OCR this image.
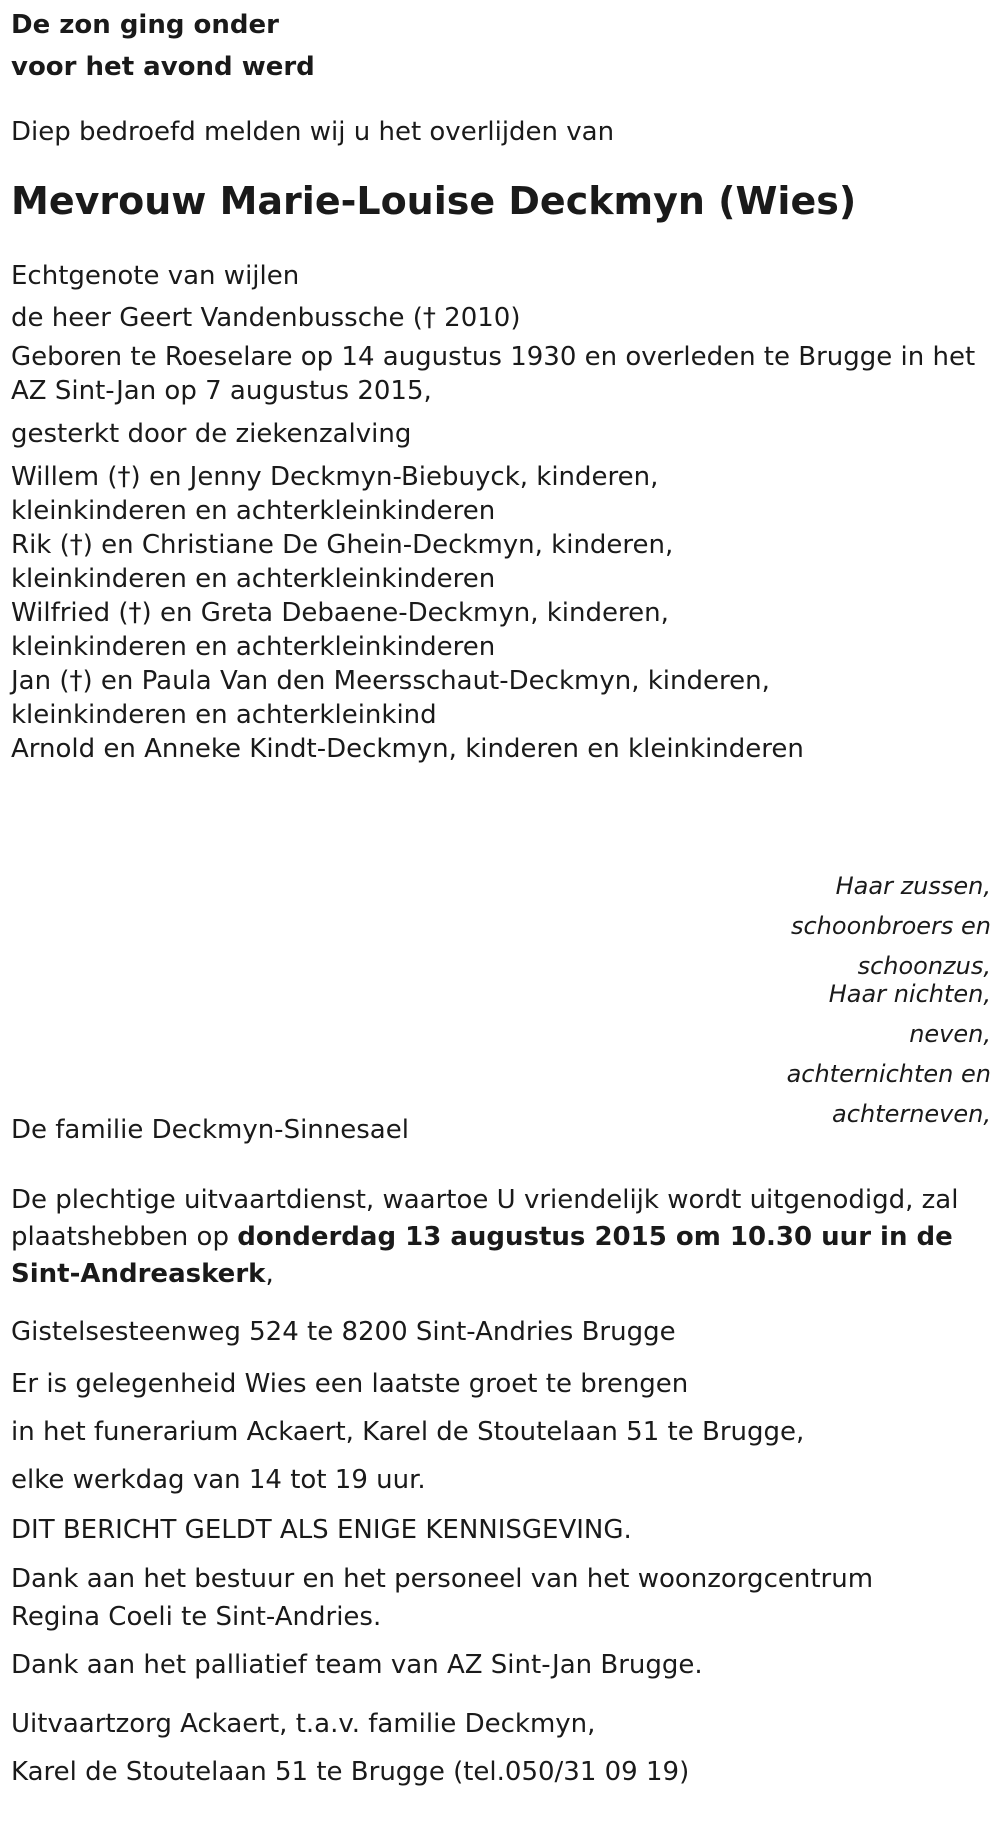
De zon ging onder
voor het avond werd
Diep bedroefd melden wij u het overlijden van
Mevrouw Marie-Louise Deckmyn (Wies)
Echtgenote van wijlen
de heer Geert Vandenbussche († 2010)
Geboren te Roeselare op 14 augustus 1930 en overleden te Brugge in het
AZ Sint-Jan op 7 augustus 2015,
gesterkt door de ziekenzalving
Willem (†) en Jenny Deckmyn-Biebuyck, kinderen,
kleinkinderen en achterkleinkinderen
Rik (†) en Christiane De Ghein-Deckmyn, kinderen,
kleinkinderen en achterkleinkinderen
Wilfried (†) en Greta Debaene-Deckmyn, kinderen,
kleinkinderen en achterkleinkinderen
Jan (†) en Paula Van den Meersschaut-Deckmyn, kinderen,
kleinkinderen en achterkleinkind
Arnold en Anneke Kindt-Deckmyn, kinderen en kleinkinderen
Haar zussen,
schoonbroers en
schoonzus,
Haar nichten,
neven,
achternichten en
achterneven,
De familie Deckmyn-Sinnesael
De plechtige uitvaartdienst, waartoe U vriendelijk wordt uitgenodigd, zal
plaatshebben op donderdag 13 augustus 2015 om 10.30 uur in de
Sint-Andreaskerk,
Gistelsesteenweg 524 te 8200 Sint-Andries Brugge
Er is gelegenheid Wies een laatste groet te brengen
in het funerarium Ackaert, Karel de Stoutelaan 51 te Brugge,
elke werkdag van 14 tot 19 uur.
DIT BERICHT GELDT ALS ENIGE KENNISGEVING.
Dank aan het bestuur en het personeel van het woonzorgcentrum
Regina Coeli te Sint-Andries.
Dank aan het palliatief team van AZ Sint-Jan Brugge.
Uitvaartzorg Ackaert, t.a.v. familie Deckmyn,
Karel de Stoutelaan 51 te Brugge (tel.050/31 09 19)
